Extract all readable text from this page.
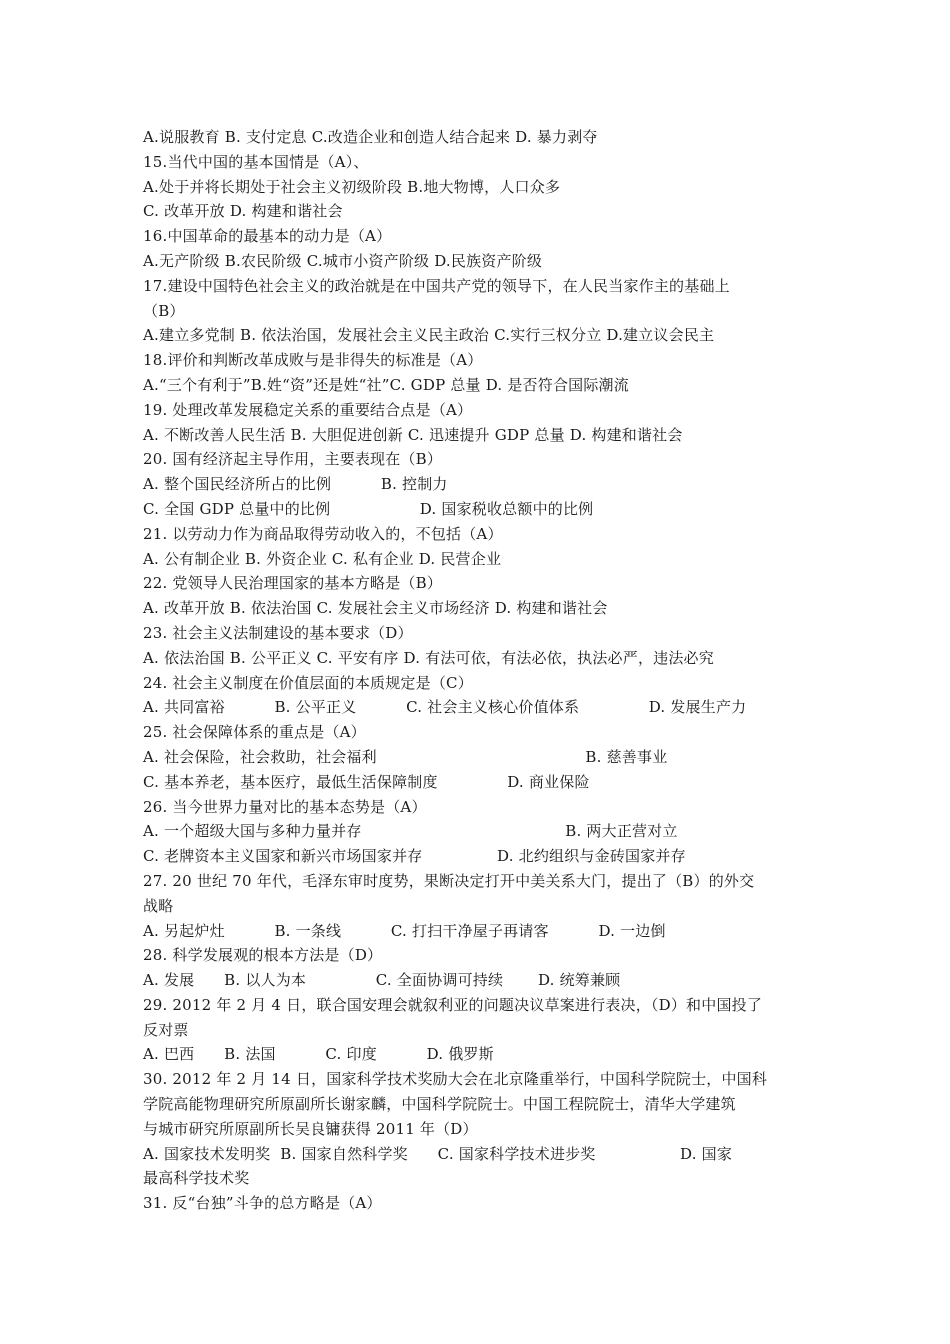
A.说服教育 B. 支付定息 C.改造企业和创造人结合起来 D. 暴力剥夺
15.当代中国的基本国情是（A）、
A.处于并将长期处于社会主义初级阶段 B.地大物博，人口众多
C. 改革开放 D. 构建和谐社会
16.中国革命的最基本的动力是（A）
A.无产阶级 B.农民阶级 C.城市小资产阶级 D.民族资产阶级
17.建设中国特色社会主义的政治就是在中国共产党的领导下，在人民当家作主的基础上
（B）
A.建立多党制 B. 依法治国，发展社会主义民主政治 C.实行三权分立 D.建立议会民主
18.评价和判断改革成败与是非得失的标准是（A）
A.“三个有利于”B.姓“资”还是姓“社”C. GDP 总量 D. 是否符合国际潮流
19. 处理改革发展稳定关系的重要结合点是（A）
A. 不断改善人民生活 B. 大胆促进创新 C. 迅速提升 GDP 总量 D. 构建和谐社会
20. 国有经济起主导作用，主要表现在（B）
A. 整个国民经济所占的比例          B. 控制力
C. 全国 GDP 总量中的比例                  D. 国家税收总额中的比例
21. 以劳动力作为商品取得劳动收入的，不包括（A）
A. 公有制企业 B. 外资企业 C. 私有企业 D. 民营企业
22. 党领导人民治理国家的基本方略是（B）
A. 改革开放 B. 依法治国 C. 发展社会主义市场经济 D. 构建和谐社会
23. 社会主义法制建设的基本要求（D）
A. 依法治国 B. 公平正义 C. 平安有序 D. 有法可依，有法必依，执法必严，违法必究
24. 社会主义制度在价值层面的本质规定是（C）
A. 共同富裕          B. 公平正义          C. 社会主义核心价值体系              D. 发展生产力
25. 社会保障体系的重点是（A）
A. 社会保险，社会救助，社会福利                                          B. 慈善事业
C. 基本养老，基本医疗，最低生活保障制度              D. 商业保险
26. 当今世界力量对比的基本态势是（A）
A. 一个超级大国与多种力量并存                                         B. 两大正营对立
C. 老牌资本主义国家和新兴市场国家并存               D. 北约组织与金砖国家并存
27. 20 世纪 70 年代，毛泽东审时度势，果断决定打开中美关系大门，提出了（B）的外交
战略
A. 另起炉灶          B. 一条线          C. 打扫干净屋子再请客          D. 一边倒
28. 科学发展观的根本方法是（D）
A. 发展      B. 以人为本              C. 全面协调可持续       D. 统筹兼顾
29. 2012 年 2 月 4 日，联合国安理会就叙利亚的问题决议草案进行表决，（D）和中国投了
反对票
A. 巴西      B. 法国          C. 印度          D. 俄罗斯
30. 2012 年 2 月 14 日，国家科学技术奖励大会在北京隆重举行，中国科学院院士，中国科
学院高能物理研究所原副所长谢家麟，中国科学院院士。中国工程院院士，清华大学建筑
与城市研究所原副所长吴良镛获得 2011 年（D）
A. 国家技术发明奖  B. 国家自然科学奖      C. 国家科学技术进步奖                 D. 国家
最高科学技术奖
31. 反“台独”斗争的总方略是（A）
